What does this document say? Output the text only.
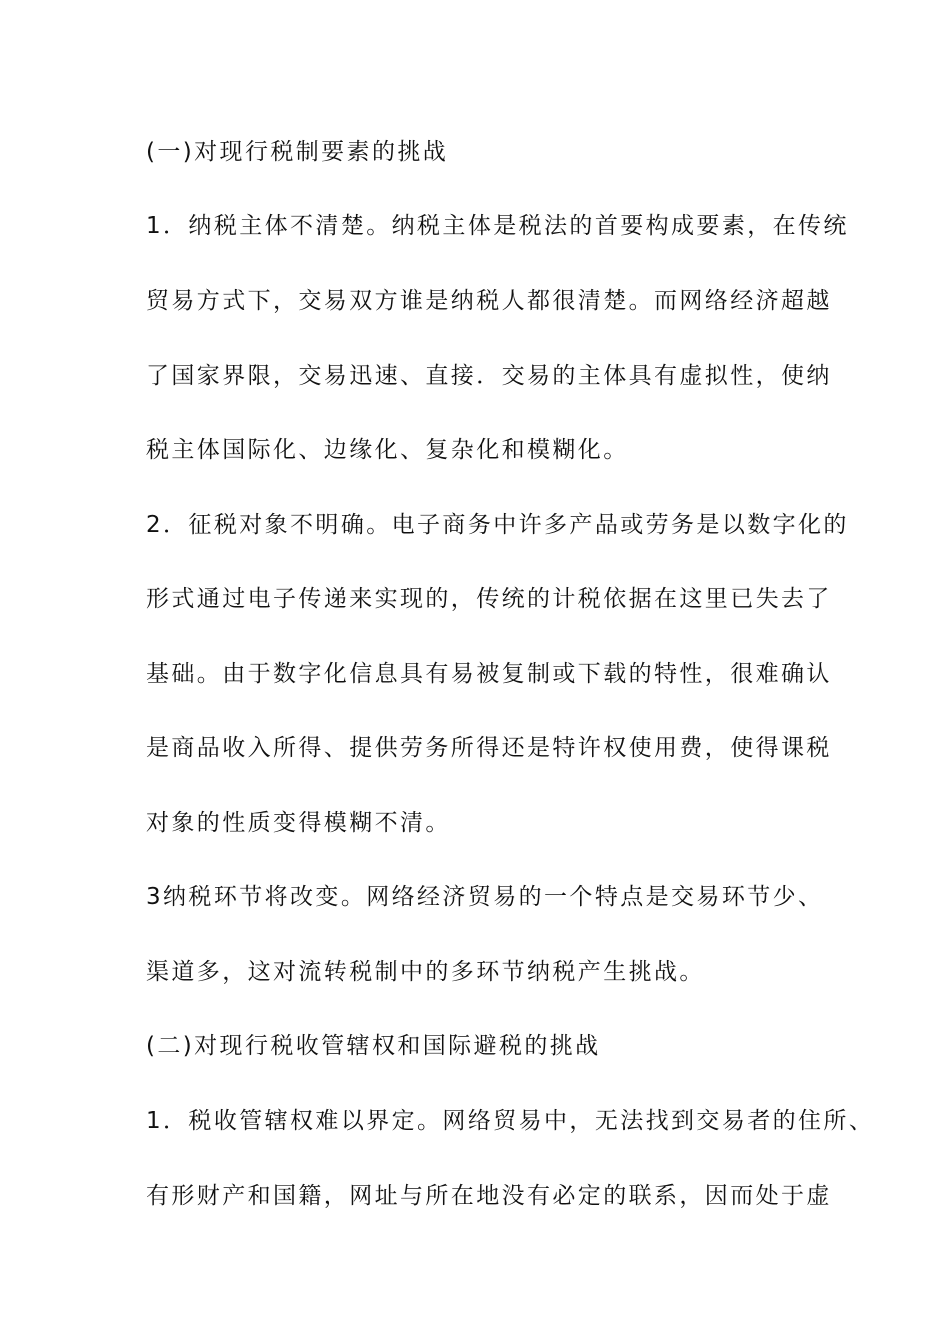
(一)对现行税制要素的挑战
1．纳税主体不清楚。纳税主体是税法的首要构成要素，在传统
贸易方式下，交易双方谁是纳税人都很清楚。而网络经济超越
了国家界限，交易迅速、直接．交易的主体具有虚拟性，使纳
税主体国际化、边缘化、复杂化和模糊化。
2．征税对象不明确。电子商务中许多产品或劳务是以数字化的
形式通过电子传递来实现的，传统的计税依据在这里已失去了
基础。由于数字化信息具有易被复制或下载的特性，很难确认
是商品收入所得、提供劳务所得还是特许权使用费，使得课税
对象的性质变得模糊不清。
3纳税环节将改变。网络经济贸易的一个特点是交易环节少、
渠道多，这对流转税制中的多环节纳税产生挑战。
(二)对现行税收管辖权和国际避税的挑战
1．税收管辖权难以界定。网络贸易中，无法找到交易者的住所、
有形财产和国籍，网址与所在地没有必定的联系，因而处于虚
